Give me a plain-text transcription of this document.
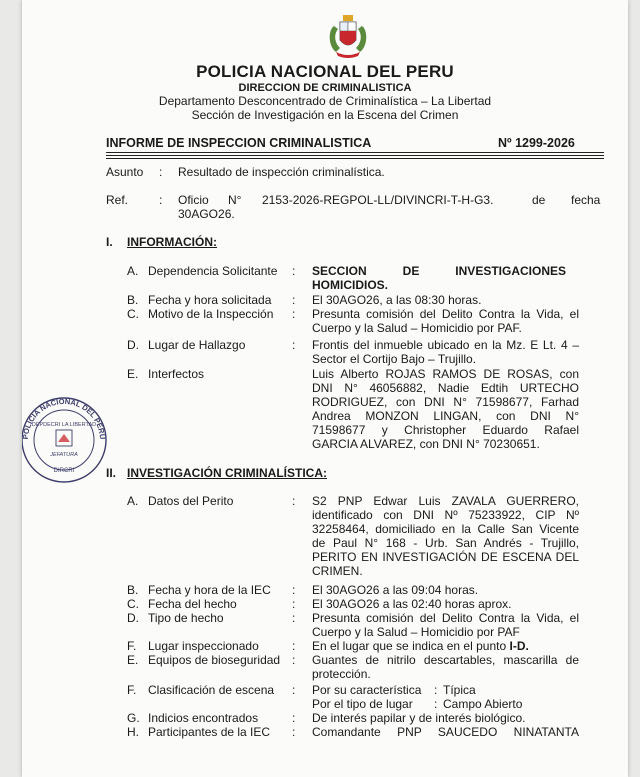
POLICIA NACIONAL DEL PERU
DIRECCION DE CRIMINALISTICA
Departamento Desconcentrado de Criminalística – La Libertad
Sección de Investigación en la Escena del Crimen
INFORME DE INSPECCION CRIMINALISTICA	Nº 1299-2026
Asunto : Resultado de inspección criminalística.
Ref.	: Oficio N° 2153-2026-REGPOL-LL/DIVINCRI-T-H-G3.	de fecha
30AGO26.
I. INFORMACIÓN:
A. Dependencia Solicitante : SECCION DE INVESTIGACIONES
HOMICIDIOS.
B. Fecha y hora solicitada : El 30AGO26, a las 08:30 horas.
C. Motivo de la Inspección : Presunta comisión del Delito Contra la Vida, el
Cuerpo y la Salud – Homicidio por PAF.
D. Lugar de Hallazgo	: Frontis del inmueble ubicado en la Mz. E Lt. 4 –
Sector el Cortijo Bajo – Trujillo.
E. Interfectos	Luis Alberto ROJAS RAMOS DE ROSAS, con
DNI N° 46056882, Nadie Edtih URTECHO
RODRIGUEZ, con DNI N° 71598677, Farhad
Andrea MONZON LINGAN, con DNI N°
71598677 y Christopher Eduardo Rafael
GARCIA ALVAREZ, con DNI N° 70230651.
II. INVESTIGACIÓN CRIMINALÍSTICA:
A. Datos del Perito	: S2 PNP Edwar Luis ZAVALA GUERRERO,
identificado con DNI Nº 75233922, CIP Nº
32258464, domiciliado en la Calle San Vicente
de Paul N° 168 - Urb. San Andrés - Trujillo,
PERITO EN INVESTIGACIÓN DE ESCENA DEL
CRIMEN.
B. Fecha y hora de la IEC : El 30AGO26 a las 09:04 horas.
C. Fecha del hecho	: El 30AGO26 a las 02:40 horas aprox.
D. Tipo de hecho	: Presunta comisión del Delito Contra la Vida, el
Cuerpo y la Salud – Homicidio por PAF
F. Lugar inspeccionado	: En el lugar que se indica en el punto I-D.
E. Equipos de bioseguridad : Guantes de nitrilo descartables, mascarilla de
protección.
F. Clasificación de escena : Por su característica : Típica
Por el tipo de lugar : Campo Abierto
G. Indicios encontrados	: De interés papilar y de interés biológico.
H. Participantes de la IEC : Comandante PNP SAUCEDO NINATANTA
POLICIA NACIONAL DEL PERU
DEPDECRI LA LIBERTAD
JEFATURA
DIRCRI
